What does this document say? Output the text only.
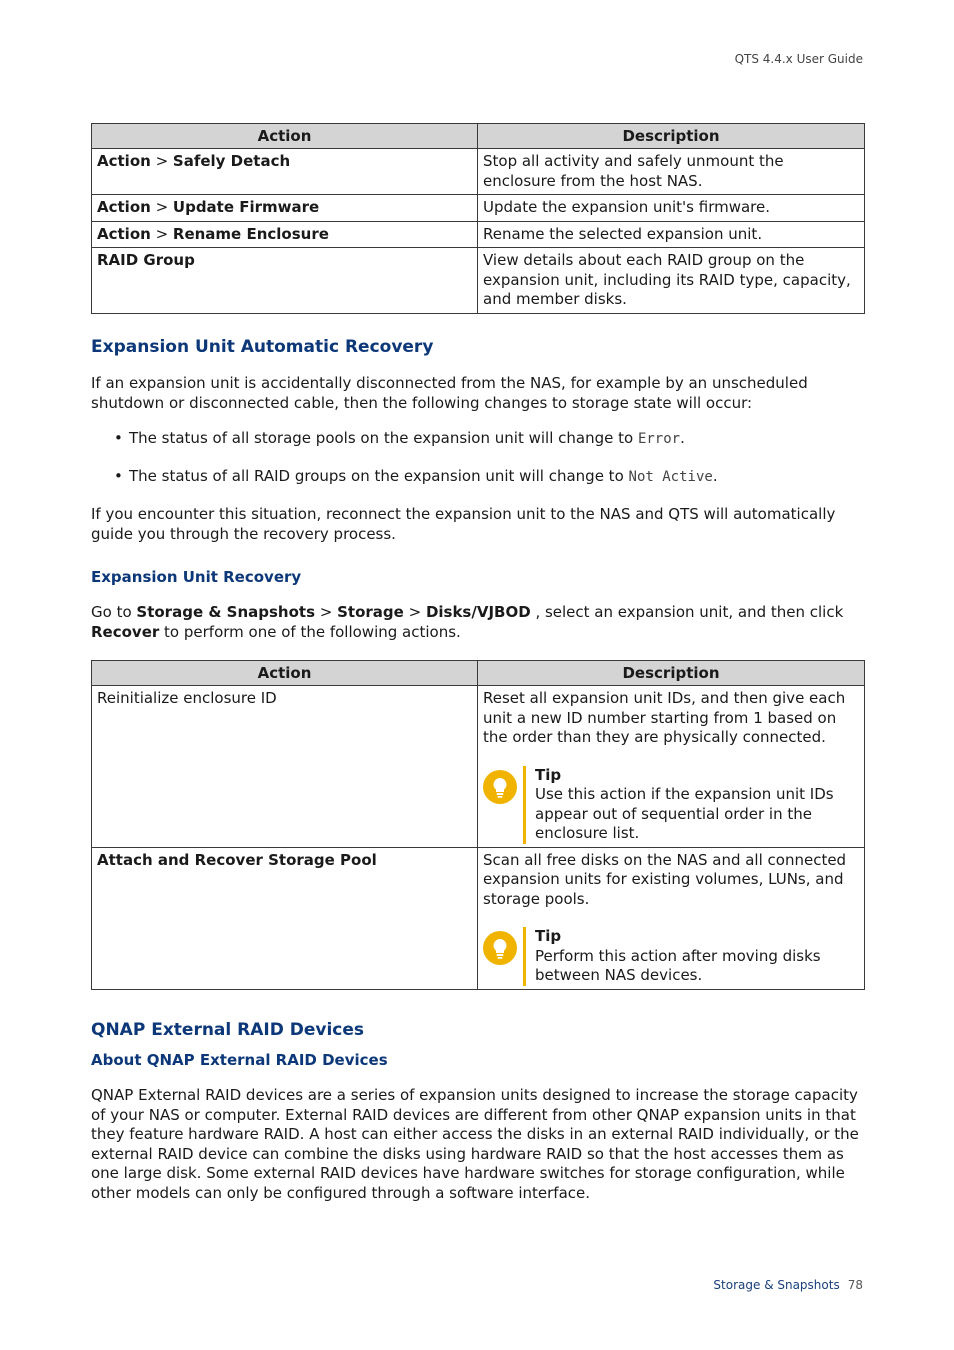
QTS 4.4.x User Guide
Action	Description
Action > Safely Detach	Stop all activity and safely unmount the enclosure from the host NAS.
Action > Update Firmware	Update the expansion unit's firmware.
Action > Rename Enclosure	Rename the selected expansion unit.
RAID Group	View details about each RAID group on the expansion unit, including its RAID type, capacity, and member disks.
Expansion Unit Automatic Recovery

If an expansion unit is accidentally disconnected from the NAS, for example by an unscheduled shutdown or disconnected cable, then the following changes to storage state will occur:

• The status of all storage pools on the expansion unit will change to Error.

• The status of all RAID groups on the expansion unit will change to Not Active.

If you encounter this situation, reconnect the expansion unit to the NAS and QTS will automatically guide you through the recovery process.

Expansion Unit Recovery

Go to Storage & Snapshots > Storage > Disks/VJBOD , select an expansion unit, and then click Recover to perform one of the following actions.

Action	Description
Reinitialize enclosure ID	Reset all expansion unit IDs, and then give each unit a new ID number starting from 1 based on the order than they are physically connected.
Tip
Use this action if the expansion unit IDs appear out of sequential order in the enclosure list.

Attach and Recover Storage Pool	Scan all free disks on the NAS and all connected expansion units for existing volumes, LUNs, and storage pools.
Tip
Perform this action after moving disks between NAS devices.
QNAP External RAID Devices
About QNAP External RAID Devices

QNAP External RAID devices are a series of expansion units designed to increase the storage capacity of your NAS or computer. External RAID devices are different from other QNAP expansion units in that they feature hardware RAID. A host can either access the disks in an external RAID individually, or the external RAID device can combine the disks using hardware RAID so that the host accesses them as one large disk. Some external RAID devices have hardware switches for storage configuration, while other models can only be configured through a software interface.

Storage & Snapshots 78
